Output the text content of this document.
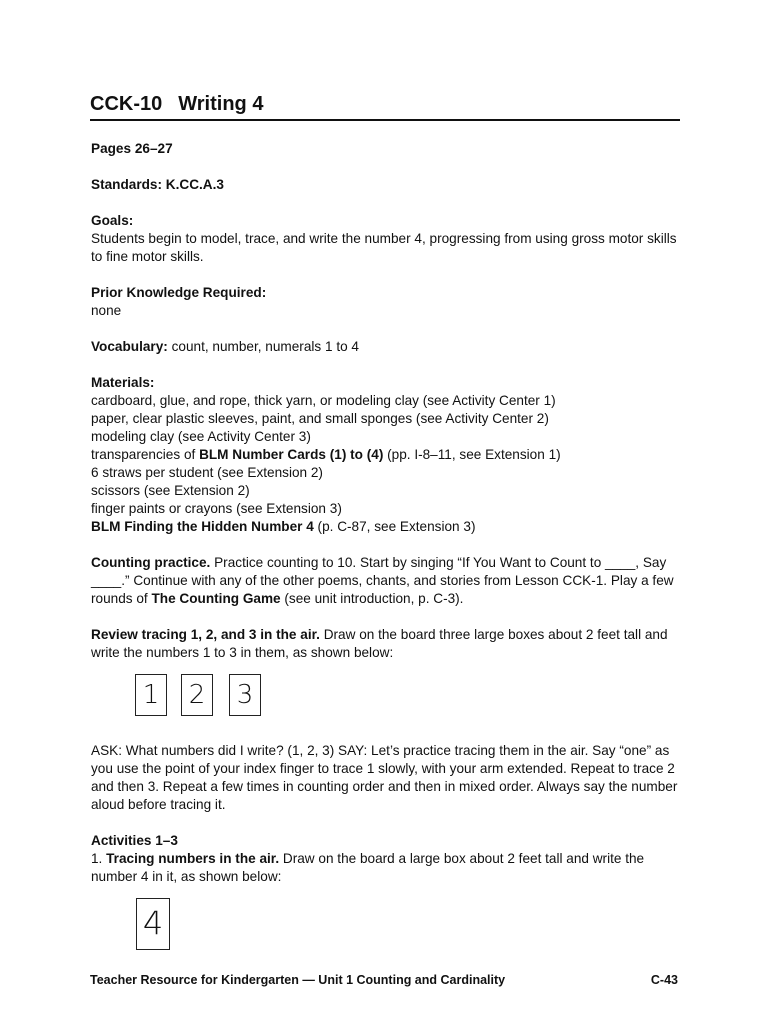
CCK-10 Writing 4

Pages 26–27

Standards: K.CC.A.3

Goals:
Students begin to model, trace, and write the number 4, progressing from using gross motor skills to fine motor skills.

Prior Knowledge Required:
none

Vocabulary: count, number, numerals 1 to 4

Materials:
cardboard, glue, and rope, thick yarn, or modeling clay (see Activity Center 1)
paper, clear plastic sleeves, paint, and small sponges (see Activity Center 2)
modeling clay (see Activity Center 3)
transparencies of BLM Number Cards (1) to (4) (pp. I-8–11, see Extension 1)
6 straws per student (see Extension 2)
scissors (see Extension 2)
finger paints or crayons (see Extension 3)
BLM Finding the Hidden Number 4 (p. C-87, see Extension 3)

Counting practice. Practice counting to 10. Start by singing “If You Want to Count to ____, Say ____.” Continue with any of the other poems, chants, and stories from Lesson CCK-1. Play a few rounds of The Counting Game (see unit introduction, p. C-3).

Review tracing 1, 2, and 3 in the air. Draw on the board three large boxes about 2 feet tall and write the numbers 1 to 3 in them, as shown below:

1 2 3

ASK: What numbers did I write? (1, 2, 3) SAY: Let’s practice tracing them in the air. Say “one” as you use the point of your index finger to trace 1 slowly, with your arm extended. Repeat to trace 2 and then 3. Repeat a few times in counting order and then in mixed order. Always say the number aloud before tracing it.

Activities 1–3
1. Tracing numbers in the air. Draw on the board a large box about 2 feet tall and write the number 4 in it, as shown below:

4
Teacher Resource for Kindergarten — Unit 1 Counting and Cardinality	C-43
